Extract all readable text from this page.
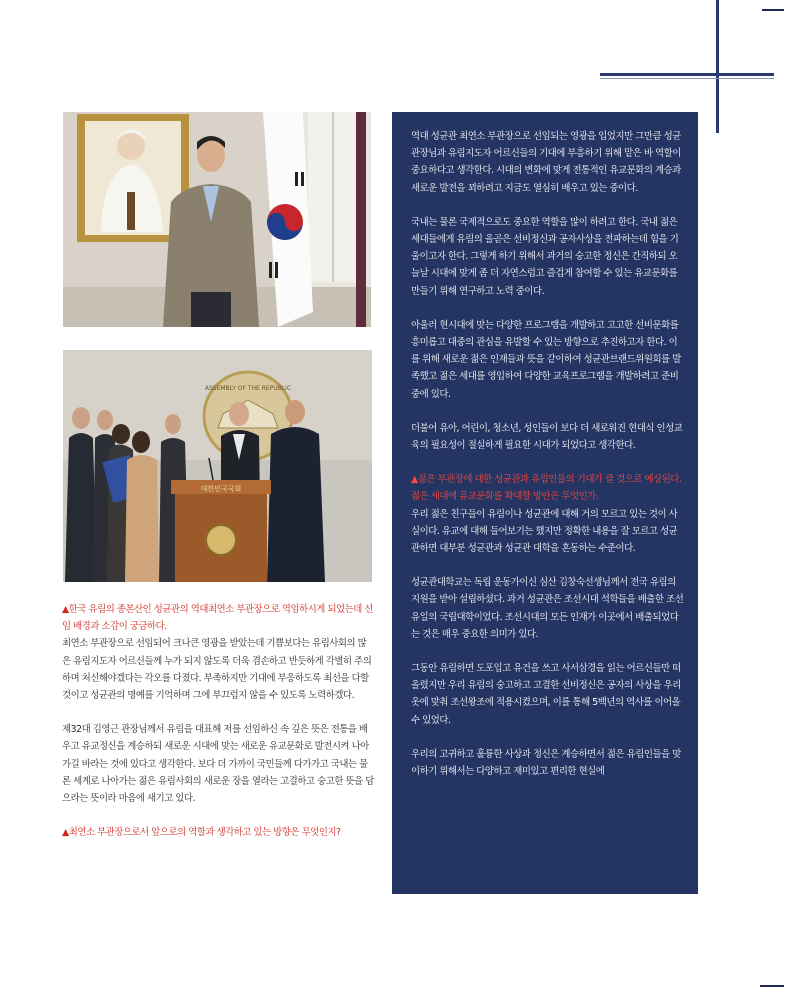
ASSEMBLY OF THE REPUBLIC
대한민국국회

▲한국 유림의 종본산인 성균관의 역대최연소 부관장으로 역임하시게 되었는데 선임 배경과 소감이 궁금하다.

최연소 부관장으로 선임되어 크나큰 영광을 받았는데 기쁨보다는 유림사회의 많은 유림지도자 어르신들께 누가 되지 않도록 더욱 겸손하고 반듯하게 각별히 주의하며 처신해야겠다는 각오를 다졌다. 부족하지만 기대에 부응하도록 최선을 다할 것이고 성균관의 명예를 기억하며 그에 부끄럽지 않을 수 있도록 노력하겠다.

제32대 김영근 관장님께서 유림을 대표해 저를 선임하신 속 깊은 뜻은 전통을 배우고 유교정신을 계승하되 새로운 시대에 맞는 새로운 유교문화로 발전시켜 나아가길 바라는 것에 있다고 생각한다. 보다 더 가까이 국민들께 다가가고 국내는 물론 세계로 나아가는 젊은 유림사회의 새로운 장을 열라는 고결하고 숭고한 뜻을 담으라는 뜻이라 마음에 새기고 있다.

▲최연소 부관장으로서 앞으로의 역할과 생각하고 있는 방향은 무엇인지?

역대 성균관 최연소 부관장으로 선임되는 영광을 입었지만 그만큼 성균관장님과 유림지도자 어르신들의 기대에 부흥하기 위해 맡은 바 역할이 중요하다고 생각한다. 시대의 변화에 맞게 전통적인 유교문화의 계승과 새로운 발전을 꾀하려고 지금도 열심히 배우고 있는 중이다.

국내는 물론 국제적으로도 중요한 역할을 많이 하려고 한다. 국내 젊은 세대들에게 유림의 올곧은 선비정신과 공자사상을 전파하는데 힘을 기울이고자 한다. 그렇게 하기 위해서 과거의 숭고한 정신은 간직하되 오늘날 시대에 맞게 좀 더 자연스럽고 즐겁게 참여할 수 있는 유교문화를 만들기 위해 연구하고 노력 중이다.

아울러 현시대에 맞는 다양한 프로그램을 개발하고 고고한 선비문화를 흥미롭고 대중의 관심을 유발할 수 있는 방향으로 추진하고자 한다. 이를 위해 새로운 젊은 인재들과 뜻을 같이하여 성균관브랜드위원회를 발족했고 젊은 세대를 영입하여 다양한 교육프로그램을 개발하려고 준비 중에 있다.

더불어 유아, 어린이, 청소년, 성인들이 보다 더 새로워진 현대식 인성교육의 필요성이 절실하게 필요한 시대가 되었다고 생각한다.

▲젊은 부관장에 대한 성균관과 유림인들의 기대가 클 것으로 예상된다. 젊은 세대에 유교문화를 확대할 방안은 무엇인가.

우리 젊은 친구들이 유림이나 성균관에 대해 거의 모르고 있는 것이 사실이다. 유교에 대해 들어보기는 했지만 정확한 내용을 잘 모르고 성균관하면 대부분 성균관과 성균관 대학을 혼동하는 수준이다.

성균관대학교는 독립 운동가이신 심산 김창숙선생님께서 전국 유림의 지원을 받아 설립하셨다. 과거 성균관은 조선시대 석학들을 배출한 조선유일의 국립대학이었다. 조선시대의 모든 인재가 이곳에서 배출되었다는 것은 매우 중요한 의미가 있다.

그동안 유림하면 도포입고 유건을 쓰고 사서삼경을 읽는 어르신들만 떠올렸지만 우리 유림의 숭고하고 고결한 선비정신은 공자의 사상을 우리 옷에 맞춰 조선왕조에 적용시켰으며, 이를 통해 5백년의 역사를 이어올 수 있었다.

우리의 고귀하고 훌륭한 사상과 정신은 계승하면서 젊은 유림인들을 맞이하기 위해서는 다양하고 재미있고 편리한 현실에
